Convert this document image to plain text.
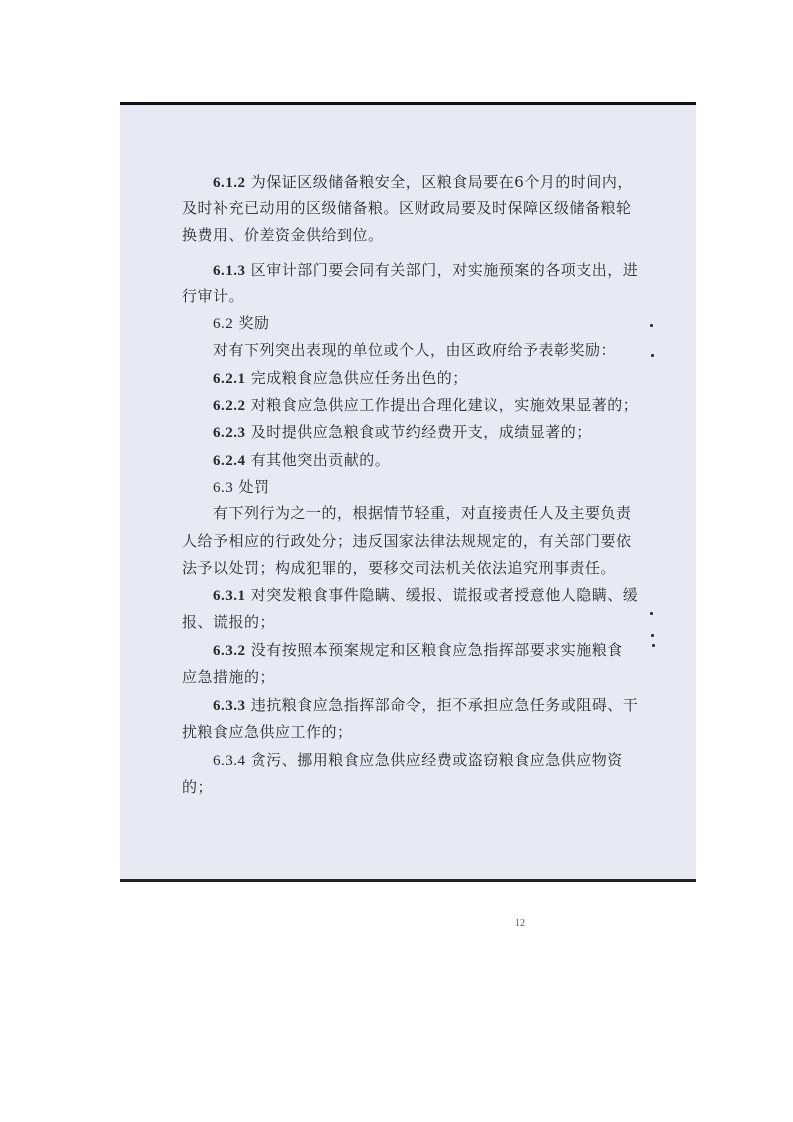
6.1.2 为保证区级储备粮安全，区粮食局要在6个月的时间内，
及时补充已动用的区级储备粮。区财政局要及时保障区级储备粮轮
换费用、价差资金供给到位。
6.1.3 区审计部门要会同有关部门，对实施预案的各项支出，进
行审计。
6.2 奖励
对有下列突出表现的单位或个人，由区政府给予表彰奖励：
6.2.1 完成粮食应急供应任务出色的；
6.2.2 对粮食应急供应工作提出合理化建议，实施效果显著的；
6.2.3 及时提供应急粮食或节约经费开支，成绩显著的；
6.2.4 有其他突出贡献的。
6.3 处罚
有下列行为之一的，根据情节轻重，对直接责任人及主要负责
人给予相应的行政处分；违反国家法律法规规定的，有关部门要依
法予以处罚；构成犯罪的，要移交司法机关依法追究刑事责任。
6.3.1 对突发粮食事件隐瞒、缓报、谎报或者授意他人隐瞒、缓
报、谎报的；
6.3.2 没有按照本预案规定和区粮食应急指挥部要求实施粮食
应急措施的；
6.3.3 违抗粮食应急指挥部命令，拒不承担应急任务或阻碍、干
扰粮食应急供应工作的；
6.3.4 贪污、挪用粮食应急供应经费或盗窃粮食应急供应物资
的；
12
